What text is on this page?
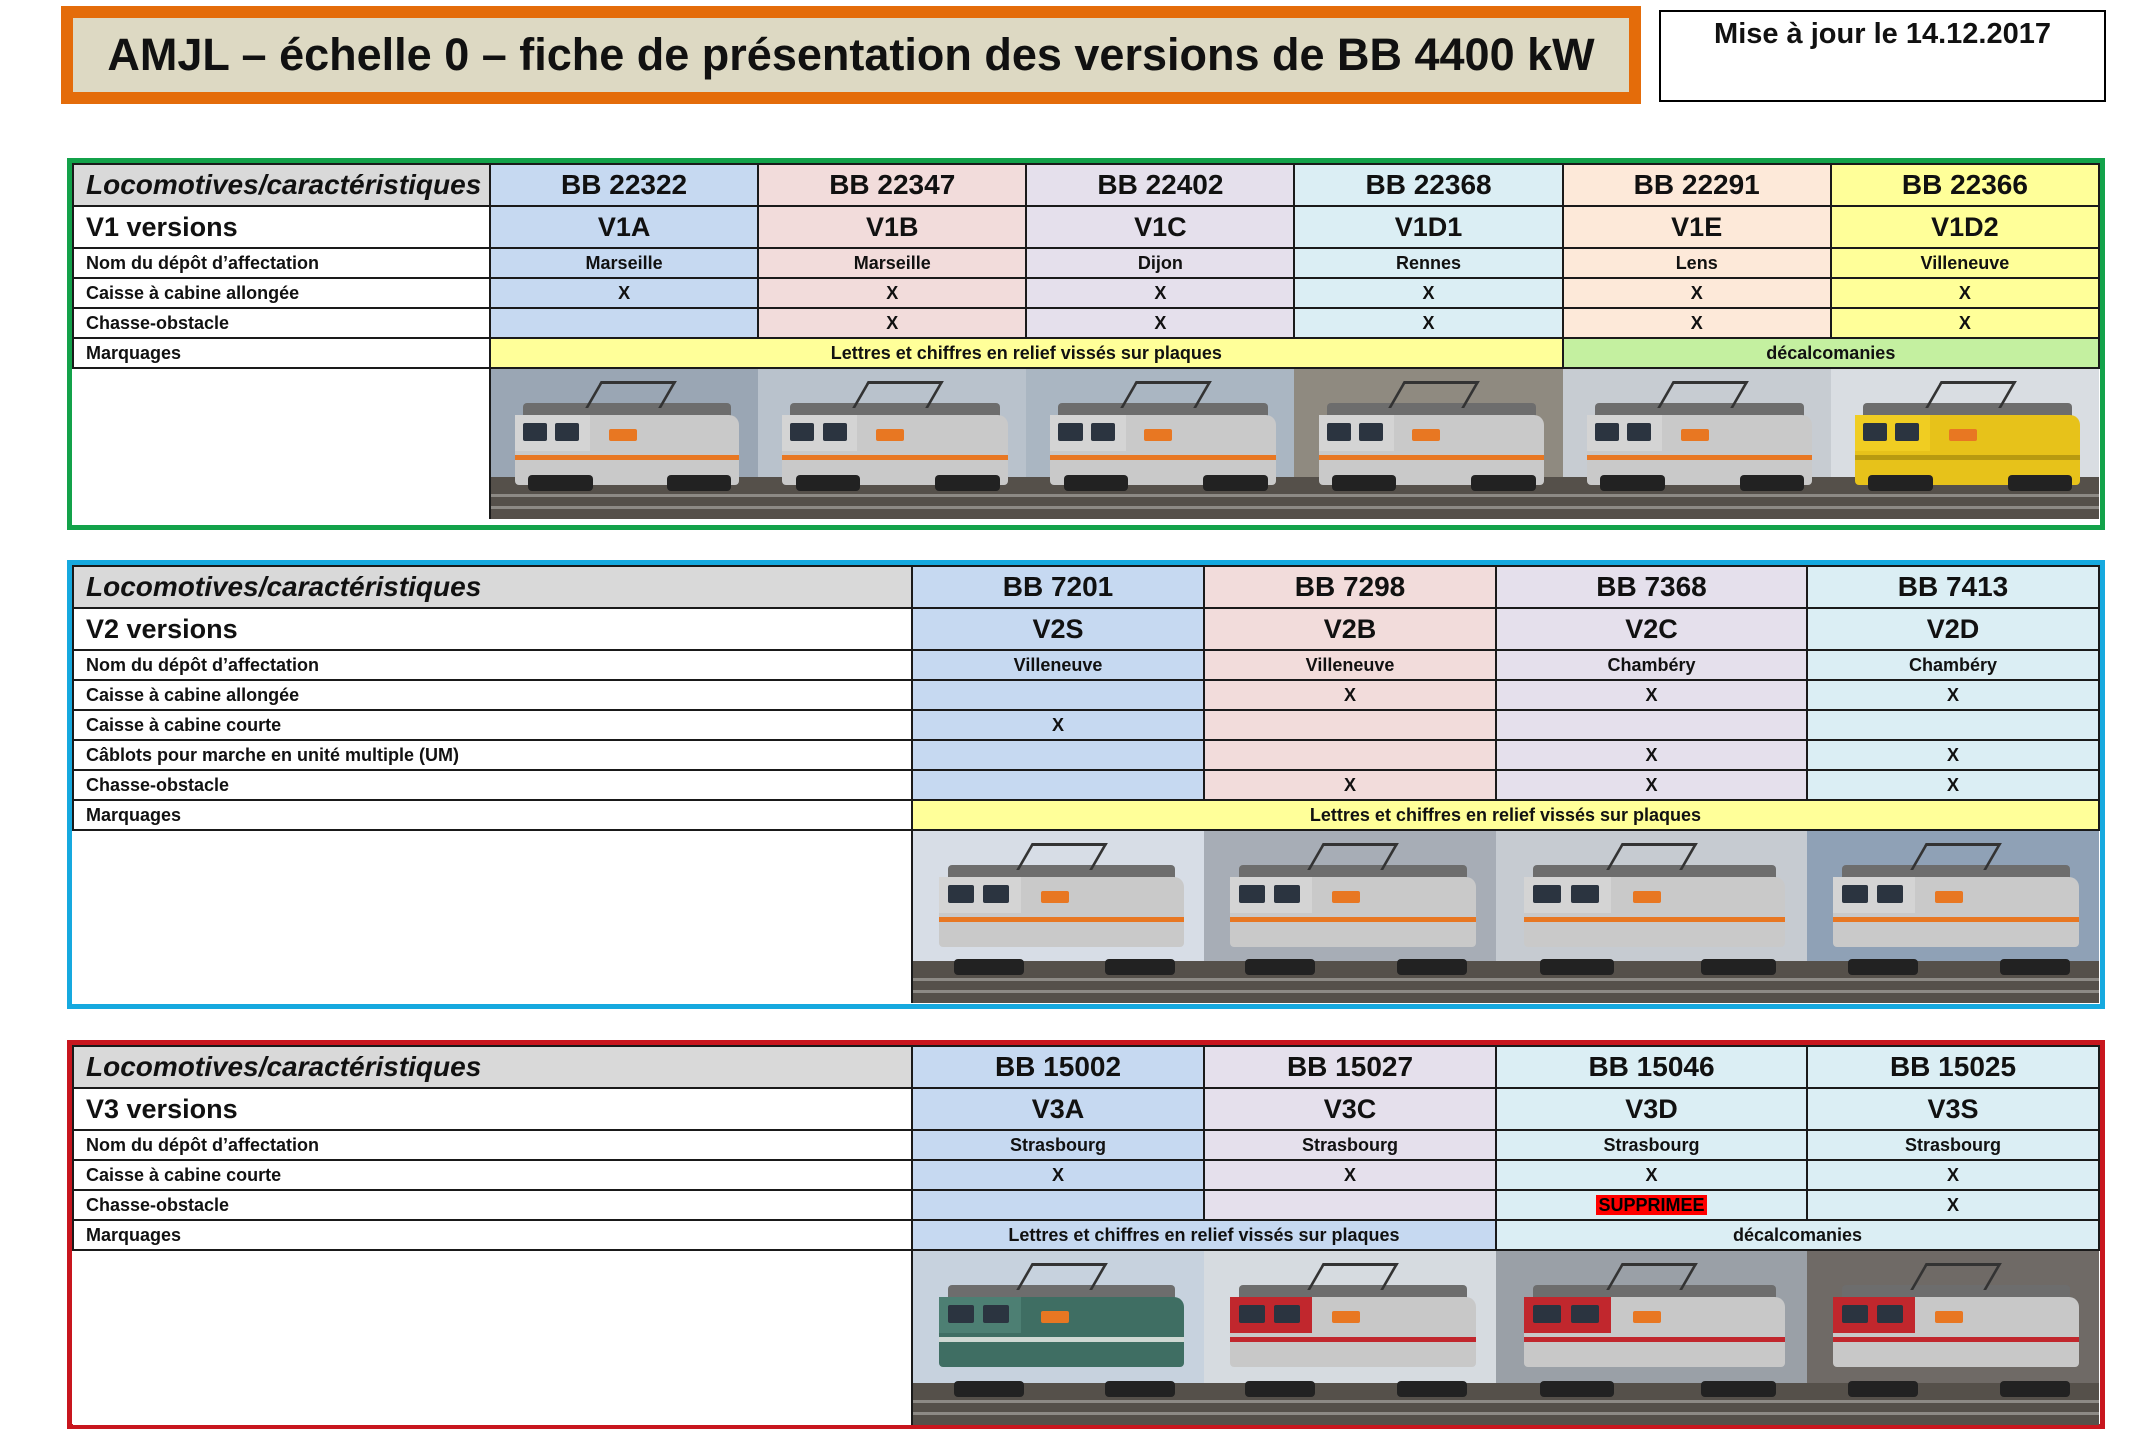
AMJL – échelle 0 – fiche de présentation des versions de BB 4400 kW	Mise à jour le 14.12.2017
Locomotives/caractéristiques	BB 22322	BB 22347	BB 22402	BB 22368	BB 22291	BB 22366
V1 versions	V1A	V1B	V1C	V1D1	V1E	V1D2
Nom du dépôt d’affectation	Marseille	Marseille	Dijon	Rennes	Lens	Villeneuve
Caisse à cabine allongée	X	X	X	X	X	X
Chasse-obstacle		X	X	X	X	X
Marquages	Lettres et chiffres en relief vissés sur plaques				décalcomanies	

Locomotives/caractéristiques	BB 7201	BB 7298	BB 7368	BB 7413
V2 versions	V2S	V2B	V2C	V2D
Nom du dépôt d’affectation	Villeneuve	Villeneuve	Chambéry	Chambéry
Caisse à cabine allongée		X	X	X
Caisse à cabine courte	X			
Câblots pour marche en unité multiple (UM)			X	X
Chasse-obstacle		X	X	X
Marquages	Lettres et chiffres en relief vissés sur plaques			

Locomotives/caractéristiques	BB 15002	BB 15027	BB 15046	BB 15025
V3 versions	V3A	V3C	V3D	V3S
Nom du dépôt d’affectation	Strasbourg	Strasbourg	Strasbourg	Strasbourg
Caisse à cabine courte	X	X	X	X
Chasse-obstacle			SUPPRIMEE	X
Marquages	Lettres et chiffres en relief vissés sur plaques		décalcomanies	
